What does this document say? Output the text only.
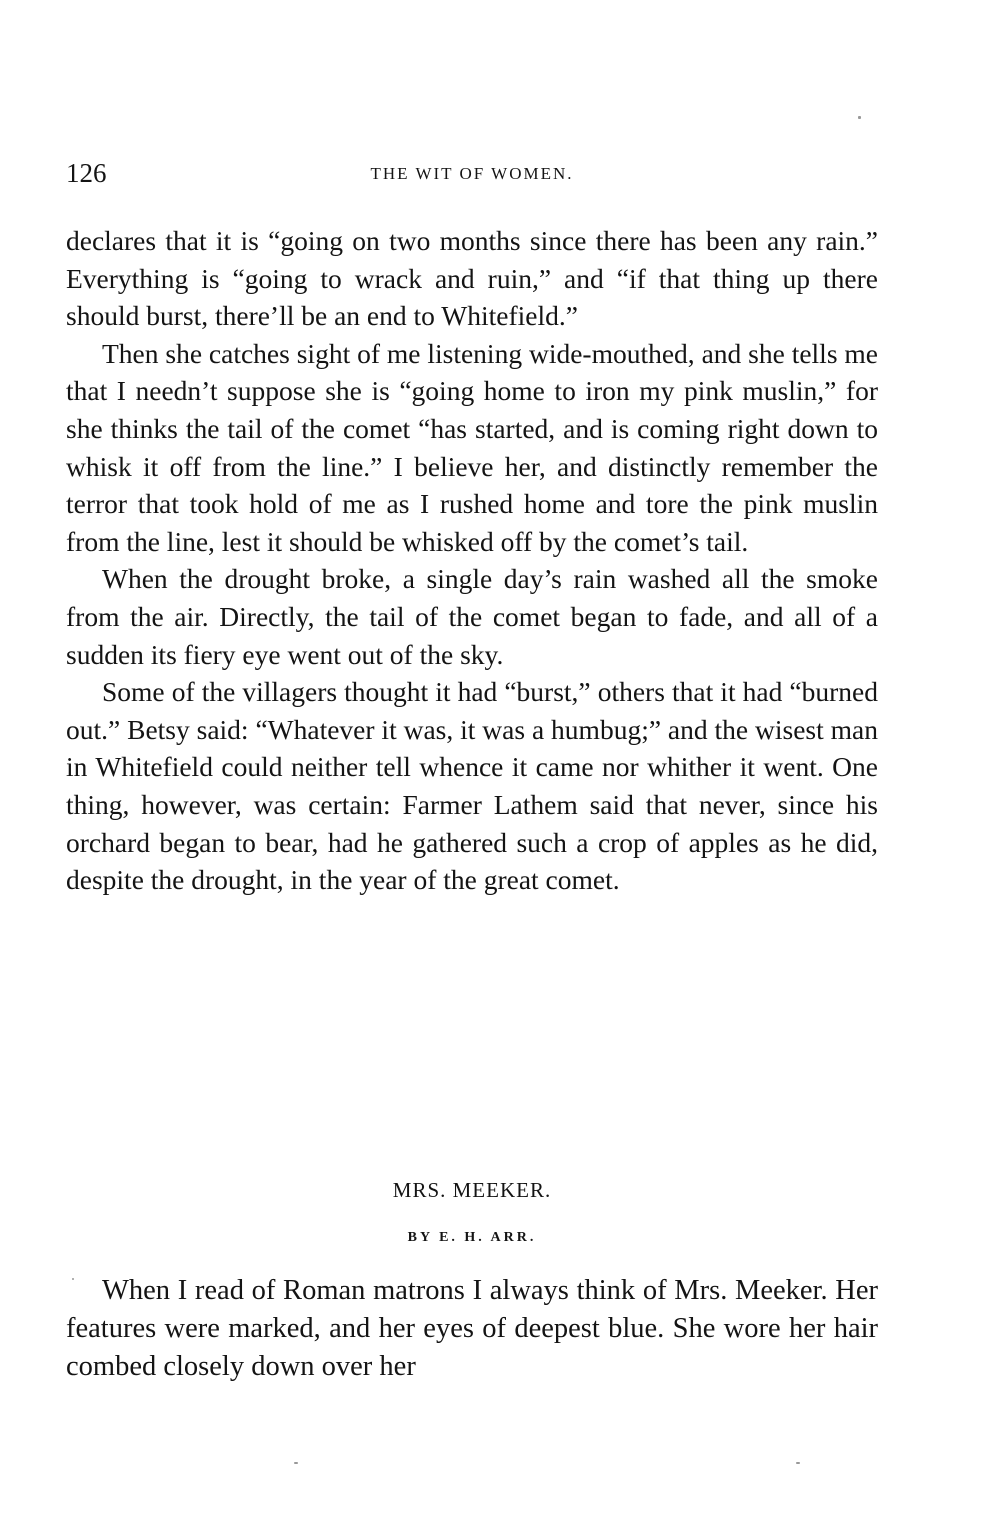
126	THE WIT OF WOMEN.

declares that it is “going on two months since there has been any rain.” Everything is “going to wrack and ruin,” and “if that thing up there should burst, there’ll be an end to Whitefield.”

Then she catches sight of me listening wide-mouthed, and she tells me that I needn’t suppose she is “going home to iron my pink muslin,” for she thinks the tail of the comet “has started, and is coming right down to whisk it off from the line.” I believe her, and distinctly remember the terror that took hold of me as I rushed home and tore the pink muslin from the line, lest it should be whisked off by the comet’s tail.

When the drought broke, a single day’s rain washed all the smoke from the air. Directly, the tail of the comet began to fade, and all of a sudden its fiery eye went out of the sky.

Some of the villagers thought it had “burst,” others that it had “burned out.” Betsy said: “Whatever it was, it was a humbug;” and the wisest man in Whitefield could neither tell whence it came nor whither it went. One thing, however, was certain: Farmer Lathem said that never, since his orchard began to bear, had he gathered such a crop of apples as he did, despite the drought, in the year of the great comet.

MRS. MEEKER.
BY E. H. ARR.

When I read of Roman matrons I always think of Mrs. Meeker. Her features were marked, and her eyes of deepest blue. She wore her hair combed closely down over her
